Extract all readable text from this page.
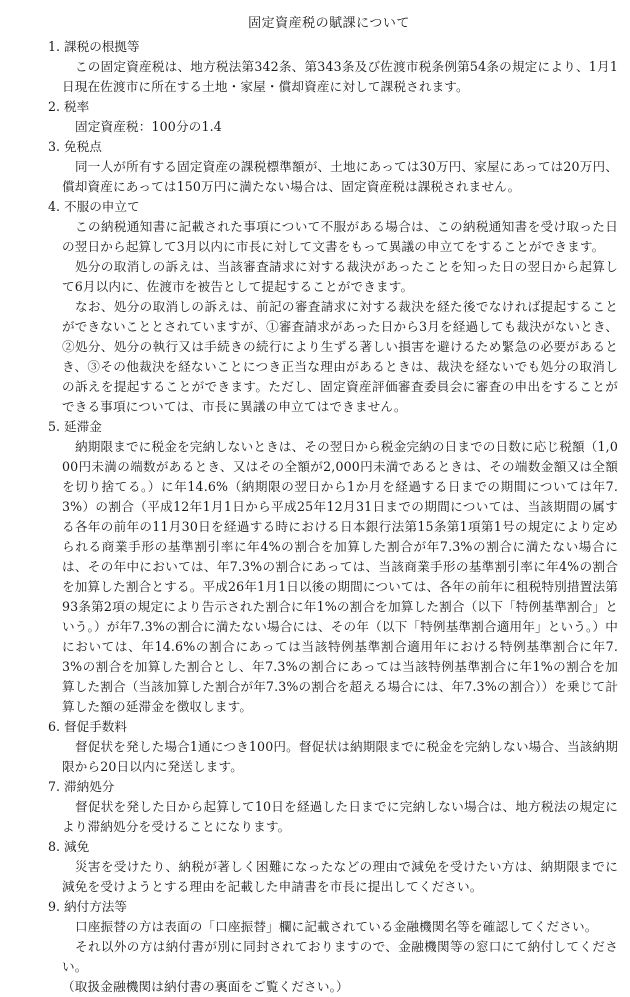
固定資産税の賦課について
1. 課税の根拠等

この固定資産税は、地方税法第342条、第343条及び佐渡市税条例第54条の規定により、1月1日現在佐渡市に所在する土地・家屋・償却資産に対して課税されます。

2. 税率

固定資産税：100分の1.4

3. 免税点

同一人が所有する固定資産の課税標準額が、土地にあっては30万円、家屋にあっては20万円、償却資産にあっては150万円に満たない場合は、固定資産税は課税されません。

4. 不服の申立て

この納税通知書に記載された事項について不服がある場合は、この納税通知書を受け取った日の翌日から起算して3月以内に市長に対して文書をもって異議の申立てをすることができます。

処分の取消しの訴えは、当該審査請求に対する裁決があったことを知った日の翌日から起算して6月以内に、佐渡市を被告として提起することができます。

なお、処分の取消しの訴えは、前記の審査請求に対する裁決を経た後でなければ提起することができないこととされていますが、①審査請求があった日から3月を経過しても裁決がないとき、②処分、処分の執行又は手続きの続行により生ずる著しい損害を避けるため緊急の必要があるとき、③その他裁決を経ないことにつき正当な理由があるときは、裁決を経ないでも処分の取消しの訴えを提起することができます。ただし、固定資産評価審査委員会に審査の申出をすることができる事項については、市長に異議の申立てはできません。

5. 延滞金

納期限までに税金を完納しないときは、その翌日から税金完納の日までの日数に応じ税額（1,000円未満の端数があるとき、又はその全額が2,000円未満であるときは、その端数金額又は全額を切り捨てる。）に年14.6%（納期限の翌日から1か月を経過する日までの期間については年7.3%）の割合（平成12年1月1日から平成25年12月31日までの期間については、当該期間の属する各年の前年の11月30日を経過する時における日本銀行法第15条第1項第1号の規定により定められる商業手形の基準割引率に年4%の割合を加算した割合が年7.3%の割合に満たない場合には、その年中においては、年7.3%の割合にあっては、当該商業手形の基準割引率に年4%の割合を加算した割合とする。平成26年1月1日以後の期間については、各年の前年に租税特別措置法第93条第2項の規定により告示された割合に年1%の割合を加算した割合（以下「特例基準割合」という。）が年7.3%の割合に満たない場合には、その年（以下「特例基準割合適用年」という。）中においては、年14.6%の割合にあっては当該特例基準割合適用年における特例基準割合に年7.3%の割合を加算した割合とし、年7.3%の割合にあっては当該特例基準割合に年1%の割合を加算した割合（当該加算した割合が年7.3%の割合を超える場合には、年7.3%の割合））を乗じて計算した額の延滞金を徴収します。

6. 督促手数料

督促状を発した場合1通につき100円。督促状は納期限までに税金を完納しない場合、当該納期限から20日以内に発送します。

7. 滞納処分

督促状を発した日から起算して10日を経過した日までに完納しない場合は、地方税法の規定により滞納処分を受けることになります。

8. 減免

災害を受けたり、納税が著しく困難になったなどの理由で減免を受けたい方は、納期限までに減免を受けようとする理由を記載した申請書を市長に提出してください。

9. 納付方法等

口座振替の方は表面の「口座振替」欄に記載されている金融機関名等を確認してください。

それ以外の方は納付書が別に同封されておりますので、金融機関等の窓口にて納付してください。

（取扱金融機関は納付書の裏面をご覧ください。）
